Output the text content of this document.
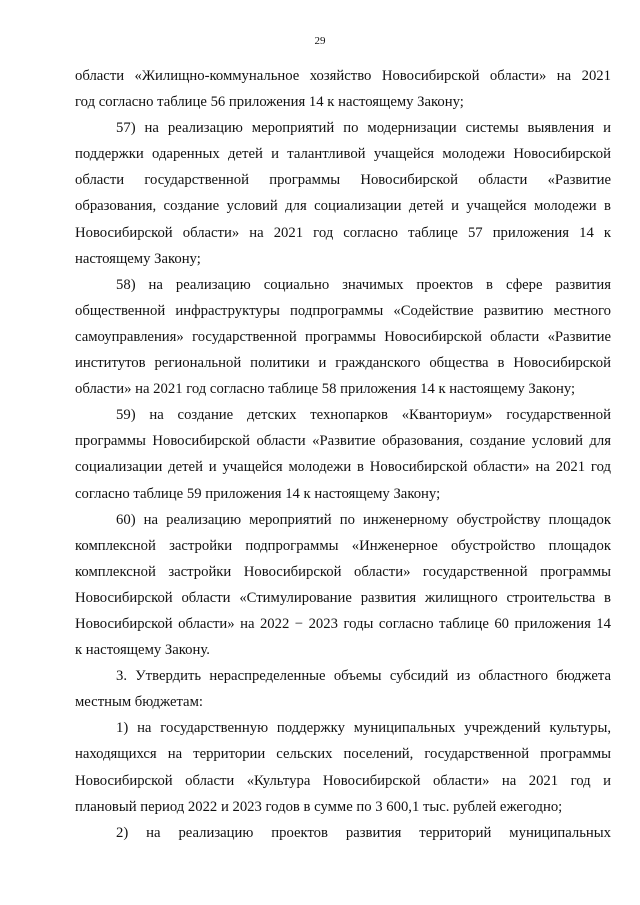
29

области «Жилищно-коммунальное хозяйство Новосибирской области» на 2021
год согласно таблице 56 приложения 14 к настоящему Закону;

57) на реализацию мероприятий по модернизации системы выявления и
поддержки одаренных детей и талантливой учащейся молодежи Новосибирской
области государственной программы Новосибирской области «Развитие
образования, создание условий для социализации детей и учащейся молодежи в
Новосибирской области» на 2021 год согласно таблице 57 приложения 14 к
настоящему Закону;

58) на реализацию социально значимых проектов в сфере развития
общественной инфраструктуры подпрограммы «Содействие развитию местного
самоуправления» государственной программы Новосибирской области «Развитие
институтов региональной политики и гражданского общества в Новосибирской
области» на 2021 год согласно таблице 58 приложения 14 к настоящему Закону;

59) на создание детских технопарков «Кванториум» государственной
программы Новосибирской области «Развитие образования, создание условий для
социализации детей и учащейся молодежи в Новосибирской области» на 2021 год
согласно таблице 59 приложения 14 к настоящему Закону;

60) на реализацию мероприятий по инженерному обустройству площадок
комплексной застройки подпрограммы «Инженерное обустройство площадок
комплексной застройки Новосибирской области» государственной программы
Новосибирской области «Стимулирование развития жилищного строительства в
Новосибирской области» на 2022 − 2023 годы согласно таблице 60 приложения 14
к настоящему Закону.

3. Утвердить нераспределенные объемы субсидий из областного бюджета
местным бюджетам:

1) на государственную поддержку муниципальных учреждений культуры,
находящихся на территории сельских поселений, государственной программы
Новосибирской области «Культура Новосибирской области» на 2021 год и
плановый период 2022 и 2023 годов в сумме по 3 600,1 тыс. рублей ежегодно;

2) на реализацию проектов развития территорий муниципальных
